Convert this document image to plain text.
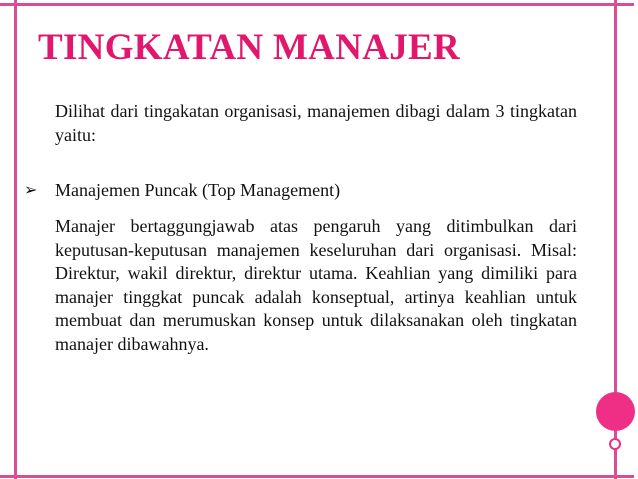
TINGKATAN MANAJER

Dilihat dari tingakatan organisasi, manajemen dibagi dalam 3 tingkatan yaitu:

➢ Manajemen Puncak (Top Management)

Manajer bertaggungjawab atas pengaruh yang ditimbulkan dari keputusan-keputusan manajemen keseluruhan dari organisasi. Misal: Direktur, wakil direktur, direktur utama. Keahlian yang dimiliki para manajer tinggkat puncak adalah konseptual, artinya keahlian untuk membuat dan merumuskan konsep untuk dilaksanakan oleh tingkatan manajer dibawahnya.
